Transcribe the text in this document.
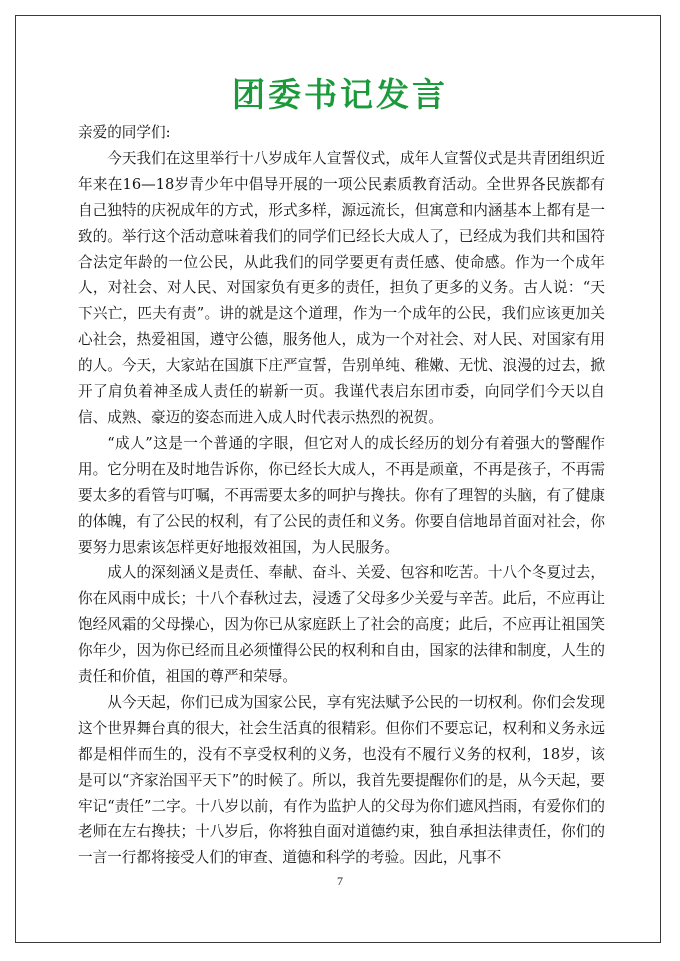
团委书记发言

亲爱的同学们:

今天我们在这里举行十八岁成年人宣誓仪式，成年人宣誓仪式是共青团组织近年来在16—18岁青少年中倡导开展的一项公民素质教育活动。全世界各民族都有自己独特的庆祝成年的方式，形式多样，源远流长，但寓意和内涵基本上都有是一致的。举行这个活动意味着我们的同学们已经长大成人了，已经成为我们共和国符合法定年龄的一位公民，从此我们的同学要更有责任感、使命感。作为一个成年人，对社会、对人民、对国家负有更多的责任，担负了更多的义务。古人说：“天下兴亡，匹夫有责”。讲的就是这个道理，作为一个成年的公民，我们应该更加关心社会，热爱祖国，遵守公德，服务他人，成为一个对社会、对人民、对国家有用的人。今天，大家站在国旗下庄严宣誓，告别单纯、稚嫩、无忧、浪漫的过去，掀开了肩负着神圣成人责任的崭新一页。我谨代表启东团市委，向同学们今天以自信、成熟、豪迈的姿态而进入成人时代表示热烈的祝贺。

“成人”这是一个普通的字眼，但它对人的成长经历的划分有着强大的警醒作用。它分明在及时地告诉你，你已经长大成人，不再是顽童，不再是孩子，不再需要太多的看管与叮嘱，不再需要太多的呵护与搀扶。你有了理智的头脑，有了健康的体魄，有了公民的权利，有了公民的责任和义务。你要自信地昂首面对社会，你要努力思索该怎样更好地报效祖国，为人民服务。

成人的深刻涵义是责任、奉献、奋斗、关爱、包容和吃苦。十八个冬夏过去，你在风雨中成长；十八个春秋过去，浸透了父母多少关爱与辛苦。此后，不应再让饱经风霜的父母操心，因为你已从家庭跃上了社会的高度；此后，不应再让祖国笑你年少，因为你已经而且必须懂得公民的权利和自由，国家的法律和制度，人生的责任和价值，祖国的尊严和荣辱。

从今天起，你们已成为国家公民，享有宪法赋予公民的一切权利。你们会发现这个世界舞台真的很大，社会生活真的很精彩。但你们不要忘记，权利和义务永远都是相伴而生的，没有不享受权利的义务，也没有不履行义务的权利，18岁，该是可以“齐家治国平天下”的时候了。所以，我首先要提醒你们的是，从今天起，要牢记“责任”二字。十八岁以前，有作为监护人的父母为你们遮风挡雨，有爱你们的老师在左右搀扶；十八岁后，你将独自面对道德约束，独自承担法律责任，你们的一言一行都将接受人们的审查、道德和科学的考验。因此，凡事不

7
